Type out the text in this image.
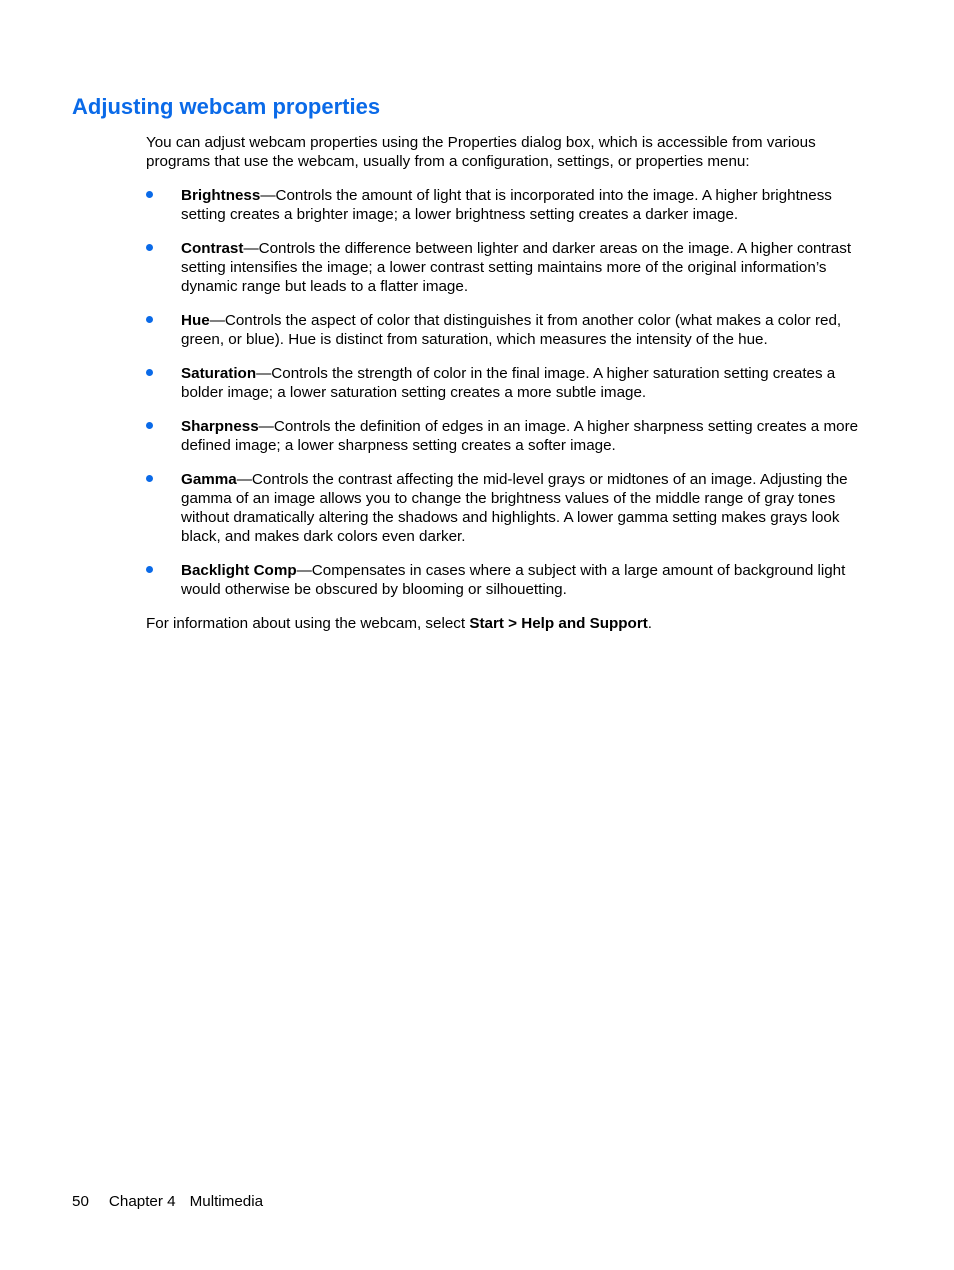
Adjusting webcam properties

You can adjust webcam properties using the Properties dialog box, which is accessible from various programs that use the webcam, usually from a configuration, settings, or properties menu:

Brightness—Controls the amount of light that is incorporated into the image. A higher brightness setting creates a brighter image; a lower brightness setting creates a darker image.
Contrast—Controls the difference between lighter and darker areas on the image. A higher contrast setting intensifies the image; a lower contrast setting maintains more of the original information’s dynamic range but leads to a flatter image.
Hue—Controls the aspect of color that distinguishes it from another color (what makes a color red, green, or blue). Hue is distinct from saturation, which measures the intensity of the hue.
Saturation—Controls the strength of color in the final image. A higher saturation setting creates a bolder image; a lower saturation setting creates a more subtle image.
Sharpness—Controls the definition of edges in an image. A higher sharpness setting creates a more defined image; a lower sharpness setting creates a softer image.
Gamma—Controls the contrast affecting the mid-level grays or midtones of an image. Adjusting the gamma of an image allows you to change the brightness values of the middle range of gray tones without dramatically altering the shadows and highlights. A lower gamma setting makes grays look black, and makes dark colors even darker.
Backlight Comp—Compensates in cases where a subject with a large amount of background light would otherwise be obscured by blooming or silhouetting.

For information about using the webcam, select Start > Help and Support.

50 Chapter 4 Multimedia
